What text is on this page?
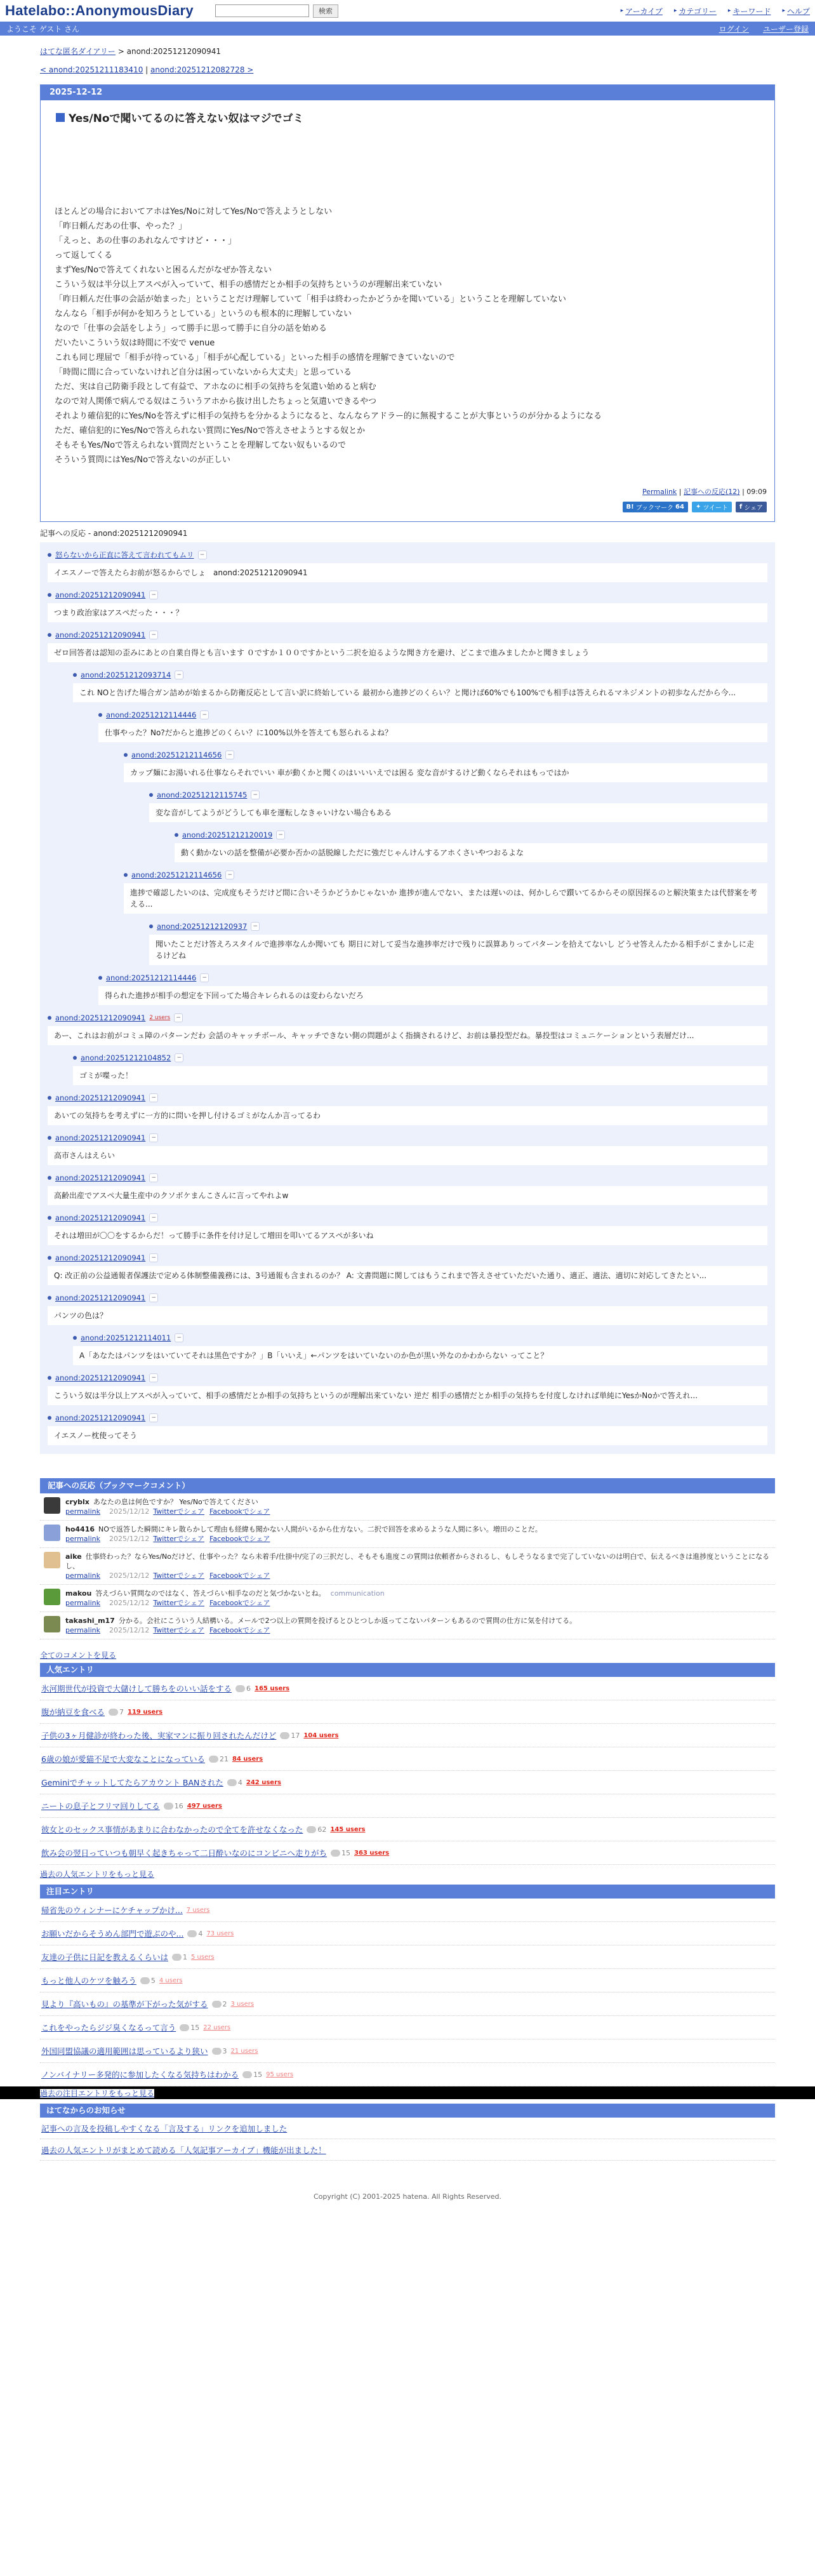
Hatelabo::AnonymousDiary	検索	▸ アーカイブ ▸ カテゴリー ▸ キーワード ▸ ヘルプ
ようこそ ゲスト さん	ログイン ユーザー登録
はてな匿名ダイアリー > anond:20251212090941
< anond:20251211183410 | anond:20251212082728 >
2025-12-12
Yes/Noで聞いてるのに答えない奴はマジでゴミ

ほとんどの場合においてアホはYes/Noに対してYes/Noで答えようとしない

「昨日頼んだあの仕事、やった？」

「えっと、あの仕事のあれなんですけど・・・」

って返してくる

まずYes/Noで答えてくれないと困るんだがなぜか答えない

こういう奴は半分以上アスペが入っていて、相手の感情だとか相手の気持ちというのが理解出来ていない

「昨日頼んだ仕事の会話が始まった」ということだけ理解していて「相手は終わったかどうかを聞いている」ということを理解していない

なんなら「相手が何かを知ろうとしている」というのも根本的に理解していない

なので「仕事の会話をしよう」って勝手に思って勝手に自分の話を始める

だいたいこういう奴は時間に不安で venue

これも同じ理屈で「相手が待っている」「相手が心配している」といった相手の感情を理解できていないので

「時間に間に合っていないけれど自分は困っていないから大丈夫」と思っている

ただ、実は自己防衛手段として有益で、アホなのに相手の気持ちを気遣い始めると病む

なので対人関係で病んでる奴はこういうアホから抜け出したちょっと気遣いできるやつ

それより確信犯的にYes/Noを答えずに相手の気持ちを分かるようになると、なんならアドラー的に無視することが大事というのが分かるようになる

ただ、確信犯的にYes/Noで答えられない質問にYes/Noで答えさせようとする奴とか

そもそもYes/Noで答えられない質問だということを理解してない奴もいるので

そういう質問にはYes/Noで答えないのが正しい

Permalink | 記事への反応(12) | 09:09
B! ブックマーク 64 ✦ ツイート f シェア
記事への反応 - anond:20251212090941
怒らないから正直に答えて言われてもムリ	−
イエスノーで答えたらお前が怒るからでしょ　anond:20251212090941
anond:20251212090941	−
つまり政治家はアスペだった・・・？
anond:20251212090941	−
ゼロ回答者は認知の歪みにあとの自業自得とも言います ０ですか１００ですかという二択を迫るような聞き方を避け、どこまで進みましたかと聞きましょう
anond:20251212093714	−
これ NOと告げた場合ガン詰めが始まるから防衛反応として言い訳に終始している 最初から進捗どのくらい？と聞けば60%でも100%でも相手は答えられるマネジメントの初歩なんだから今...
anond:20251212114446	−
仕事やった？No?だからと進捗どのくらい？に100%以外を答えても怒られるよね？
anond:20251212114656	−
カップ麺にお湯いれる仕事ならそれでいい 車が動くかと聞くのはいいいえでは困る 変な音がするけど動くならそれはもっではか
anond:20251212115745	−
変な音がしてようがどうしても車を運転しなきゃいけない場合もある
anond:20251212120019	−
動く動かないの話を整備が必要か否かの話脱線しただに強だじゃんけんするアホくさいやつおるよな
anond:20251212114656	−
進捗で確認したいのは、完成度もそうだけど間に合いそうかどうかじゃないか 進捗が進んでない、または遅いのは、何かしらで躓いてるからその原因探るのと解決策または代替案を考える...
anond:20251212120937	−
聞いたことだけ答えろスタイルで進捗率なんか聞いても 期日に対して妥当な進捗率だけで残りに誤算ありってパターンを拾えてないし どうせ答えんたかる相手がこまかしに走るけどね
anond:20251212114446	−
得られた進捗が相手の想定を下回ってた場合キレられるのは変わらないだろ
anond:20251212090941 2 users	−
あー、これはお前がコミュ障のパターンだわ 会話のキャッチボール、キャッチできない側の問題がよく指摘されるけど、お前は暴投型だね。暴投型はコミュニケーションという表層だけ...
anond:20251212104852	−
ゴミが喋った！
anond:20251212090941	−
あいての気持ちを考えずに一方的に問いを押し付けるゴミがなんか言ってるわ
anond:20251212090941	−
高市さんはえらい
anond:20251212090941	−
高齢出産でアスペ大量生産中のクソボケまんこさんに言ってやれよw
anond:20251212090941	−
それは増田が〇〇をするからだ！って勝手に条件を付け足して増田を叩いてるアスペが多いね
anond:20251212090941	−
Q: 改正前の公益通報者保護法で定める体制整備義務には、3号通報も含まれるのか？ A: 文書問題に関してはもうこれまで答えさせていただいた通り、適正、適法、適切に対応してきたとい...
anond:20251212090941	−
パンツの色は？
anond:20251212114011	−
A「あなたはパンツをはいていてそれは黒色ですか？」B「いいえ」←パンツをはいていないのか色が黒い外なのかわからない ってこと？
anond:20251212090941	−
こういう奴は半分以上アスペが入っていて、相手の感情だとか相手の気持ちというのが理解出来ていない 逆だ 相手の感情だとか相手の気持ちを付度しなければ単純にYesかNoかで答えれ...
anond:20251212090941	−
イエスノー枕使ってそう
記事への反応（ブックマークコメント）
cryblx あなたの息は何色ですか？ Yes/Noで答えてください
permalink 2025/12/12 Twitterでシェア Facebookでシェア
ho4416 NOで返答した瞬間にキレ散らかして理由も経緯も聞かない人間がいるから仕方ない。二択で回答を求めるような人間に多い。増田のことだ。
permalink 2025/12/12 Twitterでシェア Facebookでシェア
aike 仕事終わった？ならYes/Noだけど、仕事やった？なら未着手/仕掛中/完了の三択だし、そもそも進度この質問は依頼者からされるし、もしそうなるまで完了していないのは明白で、伝えるべきは進捗度ということになるし、
permalink 2025/12/12 Twitterでシェア Facebookでシェア
makou 答えづらい質問なのではなく、答えづらい相手なのだと気づかないとね。 communication
permalink 2025/12/12 Twitterでシェア Facebookでシェア
takashi_m17 分かる。会社にこういう人結構いる。メールで2つ以上の質問を投げるとひとつしか返ってこないパターンもあるので質問の仕方に気を付けてる。
permalink 2025/12/12 Twitterでシェア Facebookでシェア
全てのコメントを見る
人気エントリ
氷河期世代が投資で大儲けして勝ちをのいい話をする 6 165 users
腹が納豆を食べる 7 119 users
子供の3ヶ月健診が終わった後、実家マンに振り回されたんだけど 17 104 users
6歳の娘が愛猫不足で大変なことになっている 21 84 users
Geminiでチャットしてたらアカウント BANされた 4 242 users
ニートの息子とフリマ回りしてる 16 497 users
彼女とのセックス事情があまりに合わなかったので全てを許せなくなった 62 145 users
飲み会の翌日っていつも朝早く起きちゃって二日酔いなのにコンビニへ走りがち 15 363 users
過去の人気エントリをもっと見る
注目エントリ
帰省先のウィンナーにケチャップかけ... 7 users
お願いだからそうめん部門で遊ぶのや... 4 73 users
友達の子供に日記を教えるくらいは 1 5 users
もっと他人のケツを触ろう 5 4 users
見より『高いもの』の基準が下がった気がする 2 3 users
これをやったらジジ臭くなるって言う 15 22 users
外国同盟協議の適用範囲は思っているより狭い 3 21 users
ノンバイナリー多発的に参加したくなる気持ちはわかる 15 95 users
過去の注目エントリをもっと見る
はてなからのお知らせ
記事への言及を投稿しやすくなる「言及する」リンクを追加しました
過去の人気エントリがまとめて読める「人気記事アーカイブ」機能が出ました！
Copyright (C) 2001-2025 hatena. All Rights Reserved.
